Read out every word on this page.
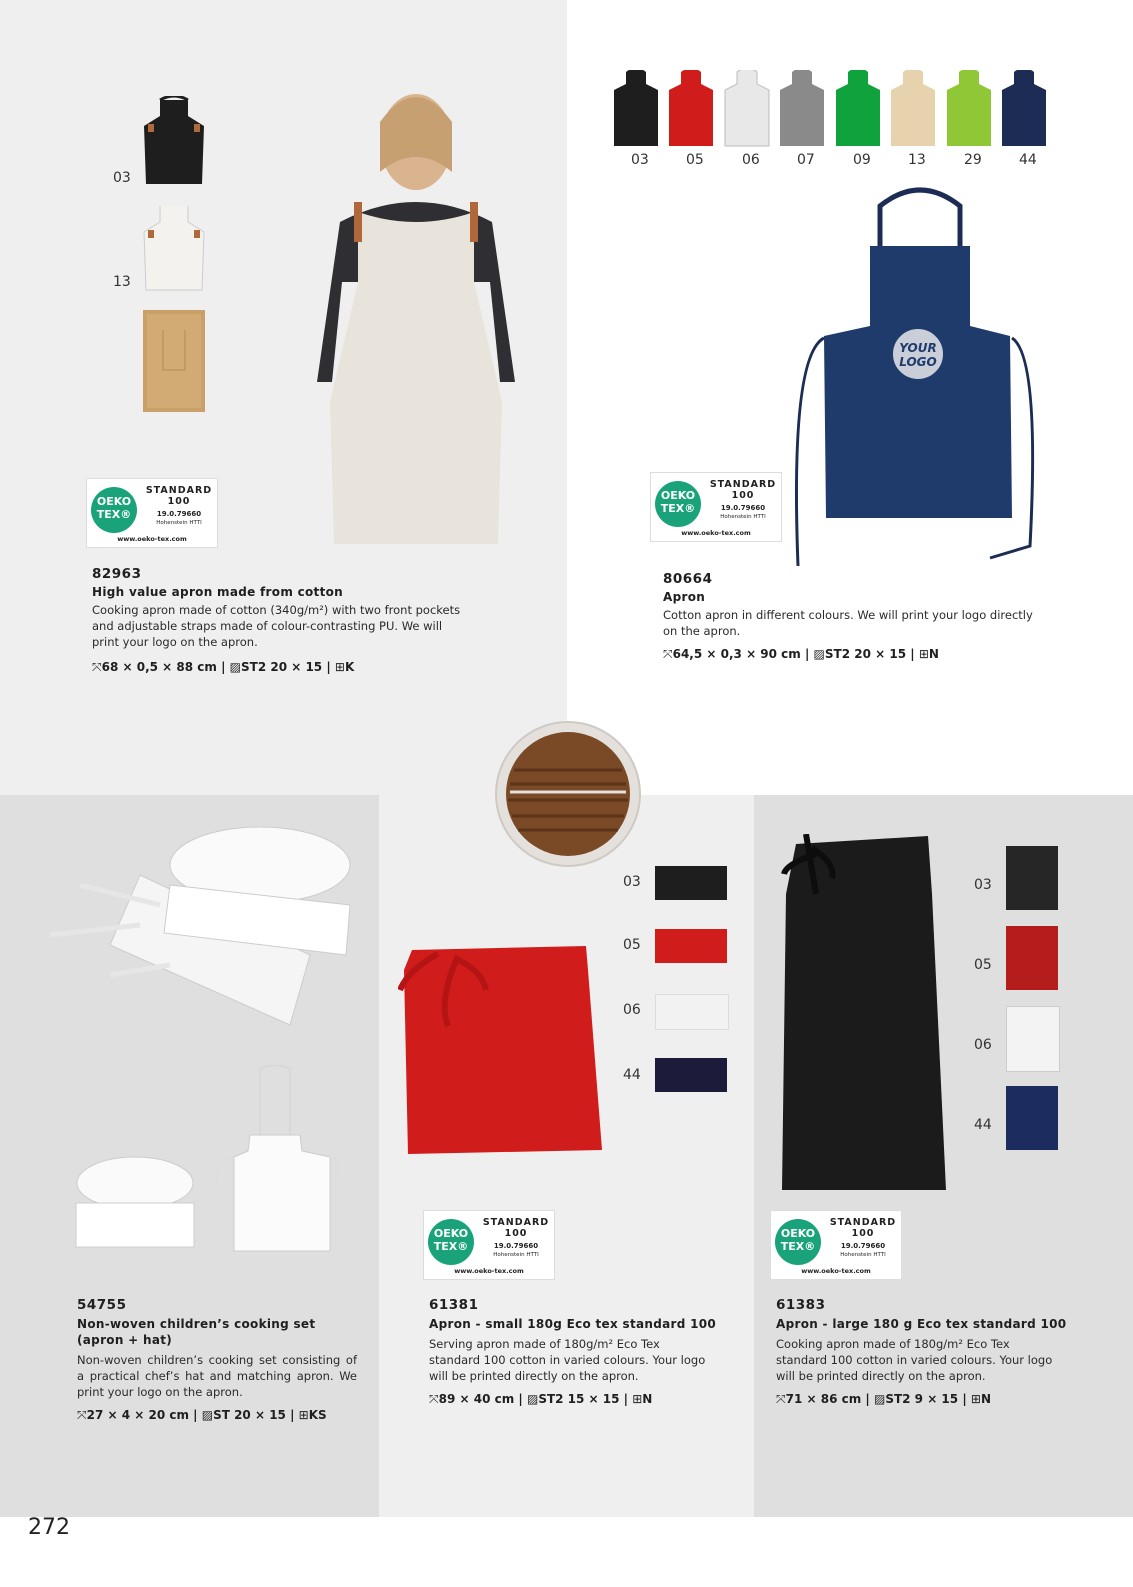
03
13
OEKO
TEX®
STANDARD
100
19.0.79660
Hohenstein HTTI
www.oeko-tex.com
82963
High value apron made from cotton
Cooking apron made of cotton (340g/m²) with two front pockets and adjustable straps made of colour-contrasting PU. We will print your logo on the apron.
⤧68 × 0,5 × 88 cm | ▨ST2 20 × 15 | ⊞K
03	05	06	07	09	13	29	44
YOUR
LOGO
OEKO
TEX®
STANDARD
100
19.0.79660
Hohenstein HTTI
www.oeko-tex.com
80664
Apron
Cotton apron in different colours. We will print your logo directly on the apron.
⤧64,5 × 0,3 × 90 cm | ▨ST2 20 × 15 | ⊞N
54755
Non-woven children’s cooking set (apron + hat)
Non-woven children’s cooking set consisting of a practical chef’s hat and matching apron. We print your logo on the apron.
⤧27 × 4 × 20 cm | ▨ST 20 × 15 | ⊞KS
03
05
06
44
OEKO
TEX®
STANDARD
100
19.0.79660
Hohenstein HTTI
www.oeko-tex.com
61381
Apron - small 180g Eco tex standard 100
Serving apron made of 180g/m² Eco Tex standard 100 cotton in varied colours. Your logo will be printed directly on the apron.
⤧89 × 40 cm | ▨ST2 15 × 15 | ⊞N
03
05
06
44
OEKO
TEX®
STANDARD
100
19.0.79660
Hohenstein HTTI
www.oeko-tex.com
61383
Apron - large 180 g Eco tex standard 100
Cooking apron made of 180g/m² Eco Tex standard 100 cotton in varied colours. Your logo will be printed directly on the apron.
⤧71 × 86 cm | ▨ST2 9 × 15 | ⊞N
272
